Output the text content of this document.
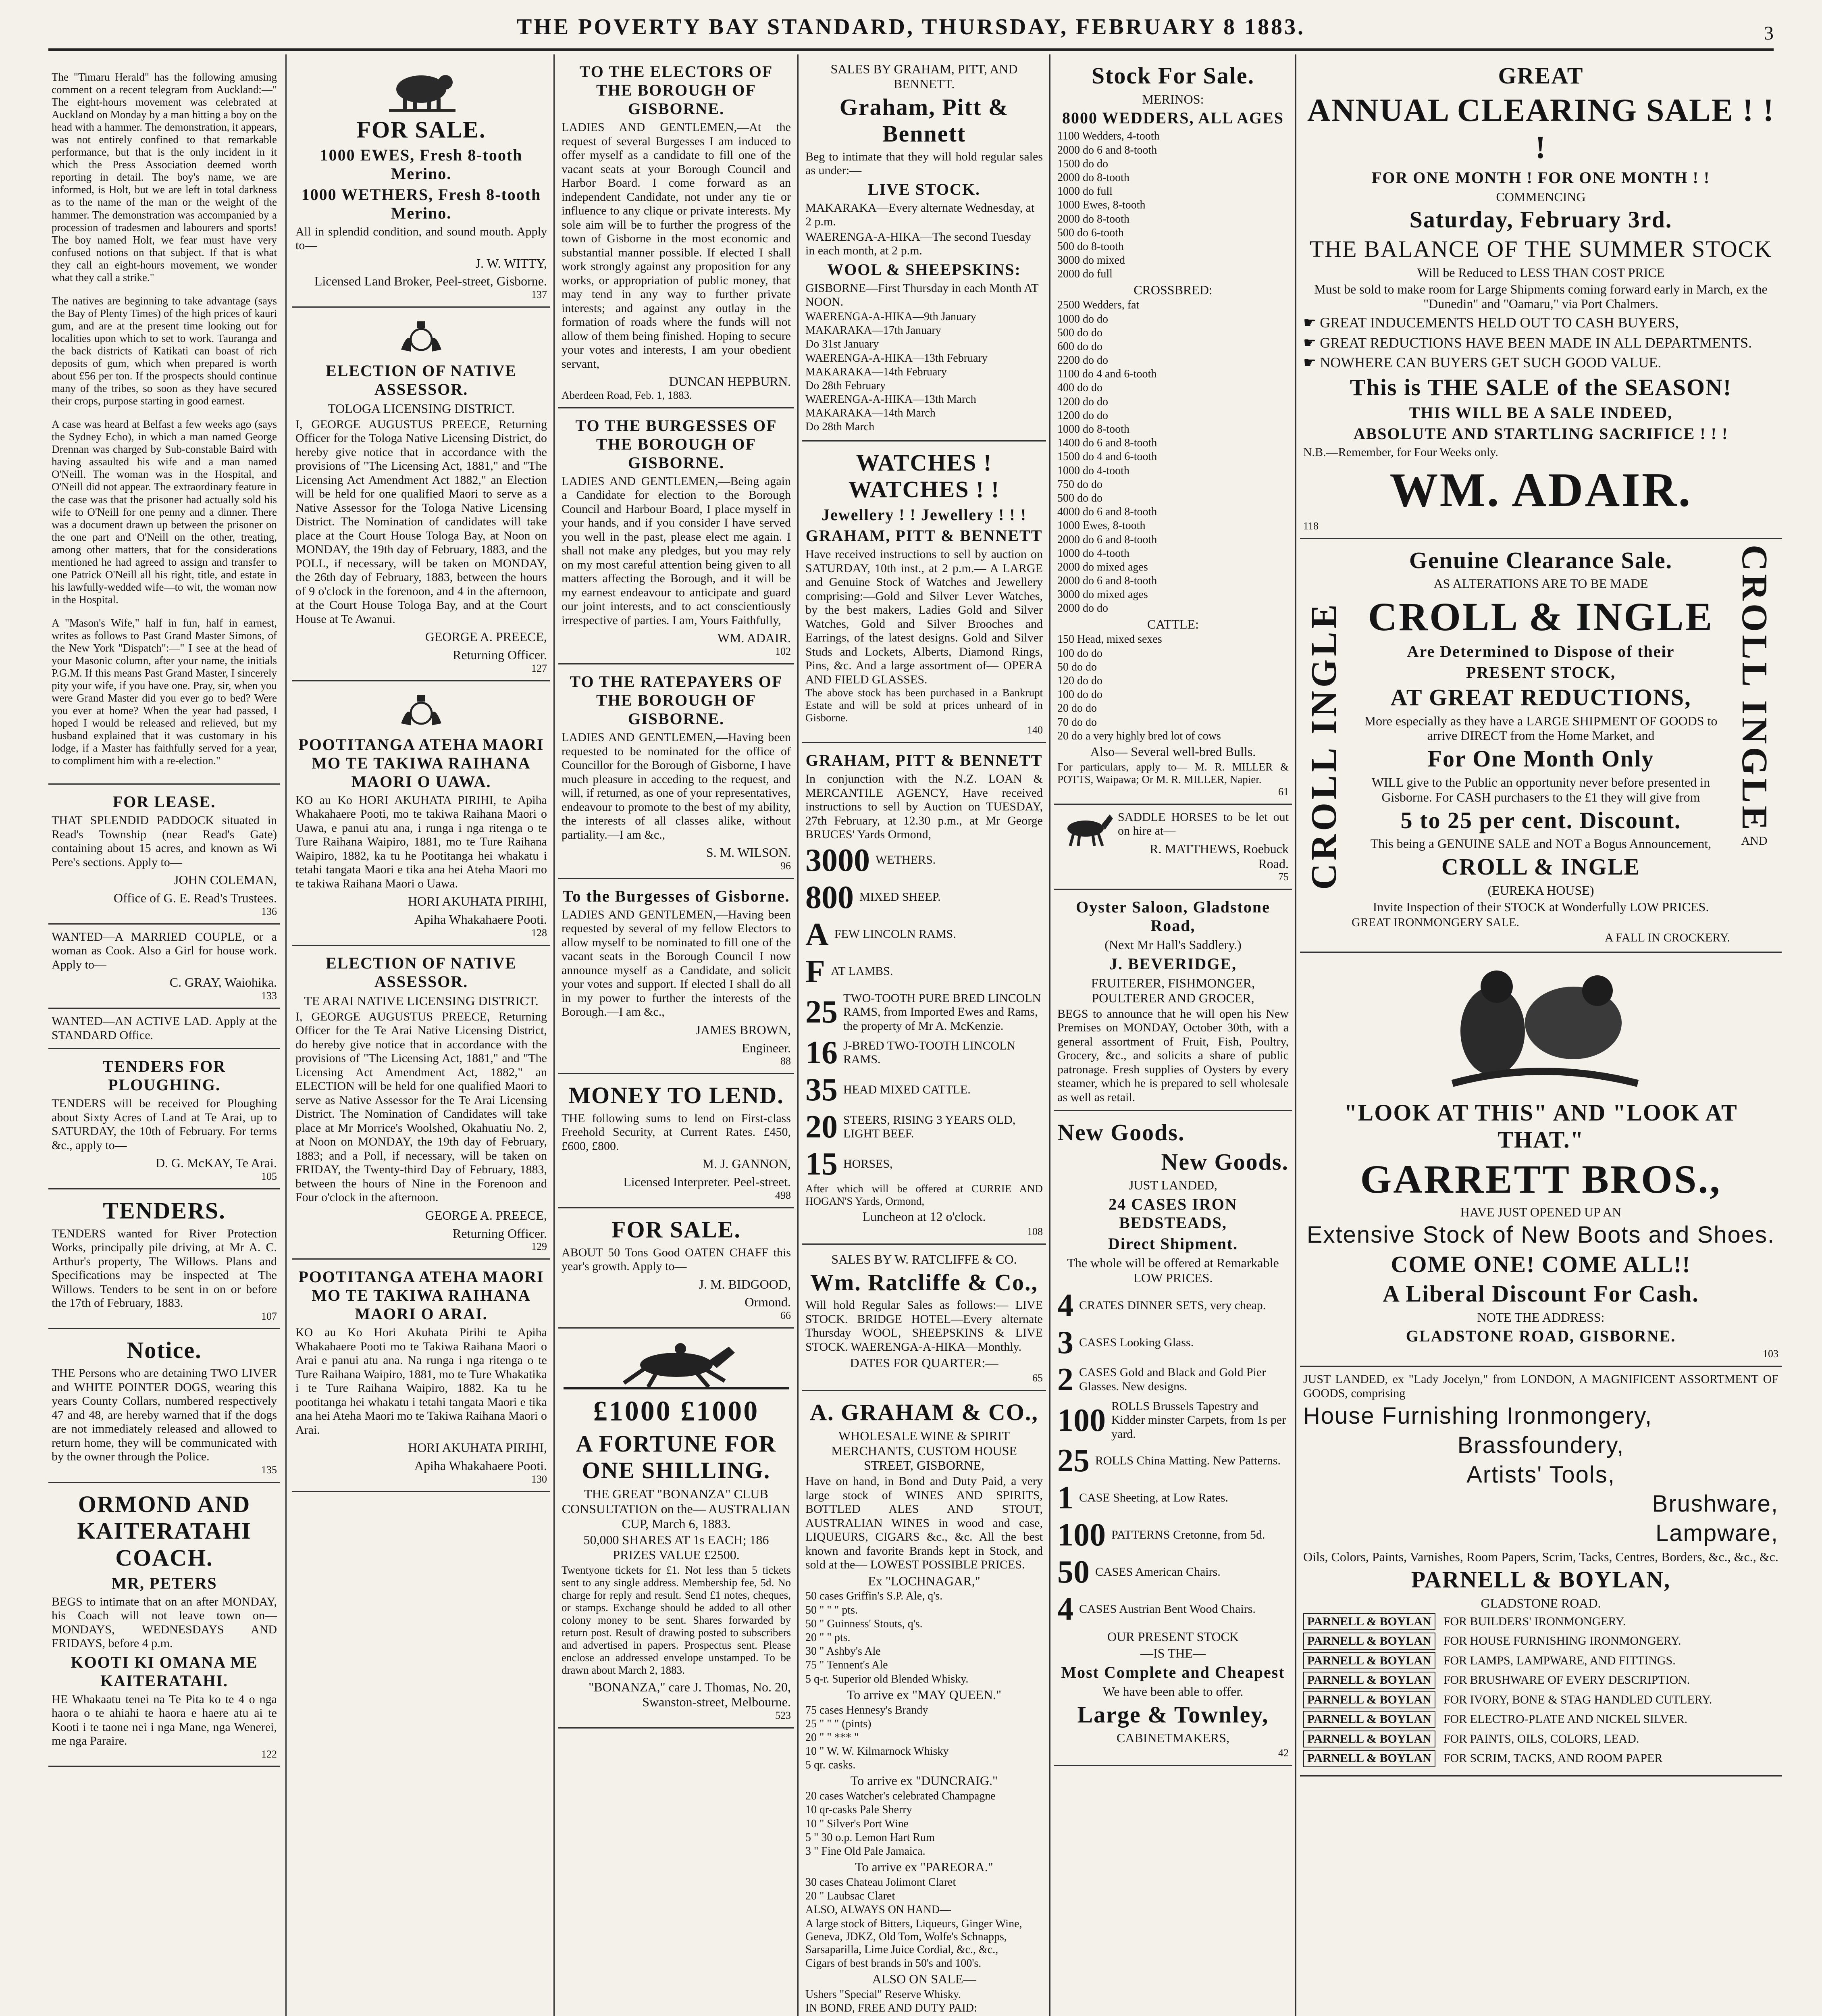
THE POVERTY BAY STANDARD, THURSDAY, FEBRUARY 8 1883.	3

The "Timaru Herald" has the following amusing comment on a recent telegram from Auckland:—" The eight-hours movement was celebrated at Auckland on Monday by a man hitting a boy on the head with a hammer. The demonstration, it appears, was not entirely confined to that remarkable performance, but that is the only incident in it which the Press Association deemed worth reporting in detail. The boy's name, we are informed, is Holt, but we are left in total darkness as to the name of the man or the weight of the hammer. The demonstration was accompanied by a procession of tradesmen and labourers and sports! The boy named Holt, we fear must have very confused notions on that subject. If that is what they call an eight-hours movement, we wonder what they call a strike."

The natives are beginning to take advantage (says the Bay of Plenty Times) of the high prices of kauri gum, and are at the present time looking out for localities upon which to set to work. Tauranga and the back districts of Katikati can boast of rich deposits of gum, which when prepared is worth about £56 per ton. If the prospects should continue many of the tribes, so soon as they have secured their crops, purpose starting in good earnest.

A case was heard at Belfast a few weeks ago (says the Sydney Echo), in which a man named George Drennan was charged by Sub-constable Baird with having assaulted his wife and a man named O'Neill. The woman was in the Hospital, and O'Neill did not appear. The extraordinary feature in the case was that the prisoner had actually sold his wife to O'Neill for one penny and a dinner. There was a document drawn up between the prisoner on the one part and O'Neill on the other, treating, among other matters, that for the considerations mentioned he had agreed to assign and transfer to one Patrick O'Neill all his right, title, and estate in his lawfully-wedded wife—to wit, the woman now in the Hospital.

A "Mason's Wife," half in fun, half in earnest, writes as follows to Past Grand Master Simons, of the New York "Dispatch":—" I see at the head of your Masonic column, after your name, the initials P.G.M. If this means Past Grand Master, I sincerely pity your wife, if you have one. Pray, sir, when you were Grand Master did you ever go to bed? Were you ever at home? When the year had passed, I hoped I would be released and relieved, but my husband explained that it was customary in his lodge, if a Master has faithfully served for a year, to compliment him with a re-election."

FOR LEASE.
THAT SPLENDID PADDOCK situated in Read's Township (near Read's Gate) containing about 15 acres, and known as Wi Pere's sections. Apply to—
JOHN COLEMAN,
Office of G. E. Read's Trustees.
136
WANTED—A MARRIED COUPLE, or a woman as Cook. Also a Girl for house work. Apply to—
C. GRAY, Waiohika.
133
WANTED—AN ACTIVE LAD. Apply at the STANDARD Office.
TENDERS FOR PLOUGHING.
TENDERS will be received for Ploughing about Sixty Acres of Land at Te Arai, up to SATURDAY, the 10th of February. For terms &c., apply to—
D. G. McKAY, Te Arai.
105
TENDERS.
TENDERS wanted for River Protection Works, principally pile driving, at Mr A. C. Arthur's property, The Willows. Plans and Specifications may be inspected at The Willows. Tenders to be sent in on or before the 17th of February, 1883.
107
Notice.
THE Persons who are detaining TWO LIVER and WHITE POINTER DOGS, wearing this years County Collars, numbered respectively 47 and 48, are hereby warned that if the dogs are not immediately released and allowed to return home, they will be communicated with by the owner through the Police.
135
ORMOND AND KAITERATAHI COACH.
MR, PETERS
BEGS to intimate that on an after MONDAY, his Coach will not leave town on— MONDAYS, WEDNESDAYS AND FRIDAYS, before 4 p.m.
KOOTI KI OMANA ME KAITERATAHI.
HE Whakaatu tenei na Te Pita ko te 4 o nga haora o te ahiahi te haora e haere atu ai te Kooti i te taone nei i nga Mane, nga Wenerei, me nga Paraire.
122
FOR SALE.
1000 EWES, Fresh 8-tooth Merino.
1000 WETHERS, Fresh 8-tooth Merino.
All in splendid condition, and sound mouth. Apply to—
J. W. WITTY,
Licensed Land Broker, Peel-street, Gisborne.
137
ELECTION OF NATIVE ASSESSOR.
TOLOGA LICENSING DISTRICT.
I, GEORGE AUGUSTUS PREECE, Returning Officer for the Tologa Native Licensing District, do hereby give notice that in accordance with the provisions of "The Licensing Act, 1881," and "The Licensing Act Amendment Act 1882," an Election will be held for one qualified Maori to serve as a Native Assessor for the Tologa Native Licensing District. The Nomination of candidates will take place at the Court House Tologa Bay, at Noon on MONDAY, the 19th day of February, 1883, and the POLL, if necessary, will be taken on MONDAY, the 26th day of February, 1883, between the hours of 9 o'clock in the forenoon, and 4 in the afternoon, at the Court House Tologa Bay, and at the Court House at Te Awanui.
GEORGE A. PREECE,
Returning Officer.
127
POOTITANGA ATEHA MAORI MO TE TAKIWA RAIHANA MAORI O UAWA.
KO au Ko HORI AKUHATA PIRIHI, te Apiha Whakahaere Pooti, mo te takiwa Raihana Maori o Uawa, e panui atu ana, i runga i nga ritenga o te Ture Raihana Waipiro, 1881, mo te Ture Raihana Waipiro, 1882, ka tu he Pootitanga hei whakatu i tetahi tangata Maori e tika ana hei Ateha Maori mo te takiwa Raihana Maori o Uawa.
HORI AKUHATA PIRIHI,
Apiha Whakahaere Pooti.
128
ELECTION OF NATIVE ASSESSOR.
TE ARAI NATIVE LICENSING DISTRICT.
I, GEORGE AUGUSTUS PREECE, Returning Officer for the Te Arai Native Licensing District, do hereby give notice that in accordance with the provisions of "The Licensing Act, 1881," and "The Licensing Act Amendment Act, 1882," an ELECTION will be held for one qualified Maori to serve as Native Assessor for the Te Arai Licensing District. The Nomination of Candidates will take place at Mr Morrice's Woolshed, Okahuatiu No. 2, at Noon on MONDAY, the 19th day of February, 1883; and a Poll, if necessary, will be taken on FRIDAY, the Twenty-third Day of February, 1883, between the hours of Nine in the Forenoon and Four o'clock in the afternoon.
GEORGE A. PREECE,
Returning Officer.
129
POOTITANGA ATEHA MAORI MO TE TAKIWA RAIHANA MAORI O ARAI.
KO au Ko Hori Akuhata Pirihi te Apiha Whakahaere Pooti mo te Takiwa Raihana Maori o Arai e panui atu ana. Na runga i nga ritenga o te Ture Raihana Waipiro, 1881, mo te Ture Whakatika i te Ture Raihana Waipiro, 1882. Ka tu he pootitanga hei whakatu i tetahi tangata Maori e tika ana hei Ateha Maori mo te Takiwa Raihana Maori o Arai.
HORI AKUHATA PIRIHI,
Apiha Whakahaere Pooti.
130
TO THE ELECTORS OF THE BOROUGH OF GISBORNE.
LADIES AND GENTLEMEN,—At the request of several Burgesses I am induced to offer myself as a candidate to fill one of the vacant seats at your Borough Council and Harbor Board. I come forward as an independent Candidate, not under any tie or influence to any clique or private interests. My sole aim will be to further the progress of the town of Gisborne in the most economic and substantial manner possible. If elected I shall work strongly against any proposition for any works, or appropriation of public money, that may tend in any way to further private interests; and against any outlay in the formation of roads where the funds will not allow of them being finished. Hoping to secure your votes and interests, I am your obedient servant,
DUNCAN HEPBURN.
Aberdeen Road, Feb. 1, 1883.
TO THE BURGESSES OF THE BOROUGH OF GISBORNE.
LADIES AND GENTLEMEN,—Being again a Candidate for election to the Borough Council and Harbour Board, I place myself in your hands, and if you consider I have served you well in the past, please elect me again. I shall not make any pledges, but you may rely on my most careful attention being given to all matters affecting the Borough, and it will be my earnest endeavour to anticipate and guard our joint interests, and to act conscientiously irrespective of parties. I am, Yours Faithfully,
WM. ADAIR.
102
TO THE RATEPAYERS OF THE BOROUGH OF GISBORNE.
LADIES AND GENTLEMEN,—Having been requested to be nominated for the office of Councillor for the Borough of Gisborne, I have much pleasure in acceding to the request, and will, if returned, as one of your representatives, endeavour to promote to the best of my ability, the interests of all classes alike, without partiality.—I am &c.,
S. M. WILSON.
96
To the Burgesses of Gisborne.
LADIES AND GENTLEMEN,—Having been requested by several of my fellow Electors to allow myself to be nominated to fill one of the vacant seats in the Borough Council I now announce myself as a Candidate, and solicit your votes and support. If elected I shall do all in my power to further the interests of the Borough.—I am &c.,
JAMES BROWN,
Engineer.
88
MONEY TO LEND.
THE following sums to lend on First-class Freehold Security, at Current Rates. £450, £600, £800.
M. J. GANNON,
Licensed Interpreter. Peel-street.
498
FOR SALE.
ABOUT 50 Tons Good OATEN CHAFF this year's growth. Apply to—
J. M. BIDGOOD,
Ormond.
66
£1000 £1000
A FORTUNE FOR ONE SHILLING.
THE GREAT "BONANZA" CLUB CONSULTATION on the— AUSTRALIAN CUP, March 6, 1883.
50,000 SHARES AT 1s EACH; 186 PRIZES VALUE £2500.
Twentyone tickets for £1. Not less than 5 tickets sent to any single address. Membership fee, 5d. No charge for reply and result. Send £1 notes, cheques, or stamps. Exchange should be added to all other colony money to be sent. Shares forwarded by return post. Result of drawing posted to subscribers and advertised in papers. Prospectus sent. Please enclose an addressed envelope unstamped. To be drawn about March 2, 1883.
"BONANZA," care J. Thomas, No. 20, Swanston-street, Melbourne.
523
SALES BY GRAHAM, PITT, AND BENNETT.
Graham, Pitt & Bennett
Beg to intimate that they will hold regular sales as under:—
LIVE STOCK.
MAKARAKA—Every alternate Wednesday, at 2 p.m.
WAERENGA-A-HIKA—The second Tuesday in each month, at 2 p.m.
WOOL & SHEEPSKINS:
GISBORNE—First Thursday in each Month AT NOON.
WAERENGA-A-HIKA—9th January
MAKARAKA—17th January
Do 31st January
WAERENGA-A-HIKA—13th February
MAKARAKA—14th February
Do 28th February
WAERENGA-A-HIKA—13th March
MAKARAKA—14th March
Do 28th March
WATCHES ! WATCHES ! !
Jewellery ! ! Jewellery ! ! !
GRAHAM, PITT & BENNETT
Have received instructions to sell by auction on SATURDAY, 10th inst., at 2 p.m.— A LARGE and Genuine Stock of Watches and Jewellery comprising:—Gold and Silver Lever Watches, by the best makers, Ladies Gold and Silver Watches, Gold and Silver Brooches and Earrings, of the latest designs. Gold and Silver Studs and Lockets, Alberts, Diamond Rings, Pins, &c. And a large assortment of— OPERA AND FIELD GLASSES.
The above stock has been purchased in a Bankrupt Estate and will be sold at prices unheard of in Gisborne.
140
GRAHAM, PITT & BENNETT
In conjunction with the N.Z. LOAN & MERCANTILE AGENCY, Have received instructions to sell by Auction on TUESDAY, 27th February, at 12.30 p.m., at Mr George BRUCES' Yards Ormond,
3000 WETHERS.
800 MIXED SHEEP.
A FEW LINCOLN RAMS.
F AT LAMBS.
25 TWO-TOOTH PURE BRED LINCOLN RAMS, from Imported Ewes and Rams, the property of Mr A. McKenzie.
16 J-BRED TWO-TOOTH LINCOLN RAMS.
35 HEAD MIXED CATTLE.
20 STEERS, RISING 3 YEARS OLD, LIGHT BEEF.
15 HORSES,
After which will be offered at CURRIE AND HOGAN'S Yards, Ormond,
Luncheon at 12 o'clock.
108
SALES BY W. RATCLIFFE & CO.
Wm. Ratcliffe & Co.,
Will hold Regular Sales as follows:— LIVE STOCK. BRIDGE HOTEL—Every alternate Thursday WOOL, SHEEPSKINS & LIVE STOCK. WAERENGA-A-HIKA—Monthly.
DATES FOR QUARTER:—
65
A. GRAHAM & CO.,
WHOLESALE WINE & SPIRIT MERCHANTS, CUSTOM HOUSE STREET, GISBORNE,
Have on hand, in Bond and Duty Paid, a very large stock of WINES AND SPIRITS, BOTTLED ALES AND STOUT, AUSTRALIAN WINES in wood and case, LIQUEURS, CIGARS &c., &c. All the best known and favorite Brands kept in Stock, and sold at the— LOWEST POSSIBLE PRICES.
Ex "LOCHNAGAR,"
50 cases Griffin's S.P. Ale, q's.
50 " " " pts.
50 " Guinness' Stouts, q's.
20 " " pts.
30 " Ashby's Ale
75 " Tennent's Ale
5 q-r. Superior old Blended Whisky.
To arrive ex "MAY QUEEN."
75 cases Hennesy's Brandy
25 " " " (pints)
20 " " *** "
10 " W. W. Kilmarnock Whisky
5 qr. casks.
To arrive ex "DUNCRAIG."
20 cases Watcher's celebrated Champagne
10 qr-casks Pale Sherry
10 " Silver's Port Wine
5 " 30 o.p. Lemon Hart Rum
3 " Fine Old Pale Jamaica.
To arrive ex "PAREORA."
30 cases Chateau Jolimont Claret
20 " Laubsac Claret
ALSO, ALWAYS ON HAND—
A large stock of Bitters, Liqueurs, Ginger Wine, Geneva, JDKZ, Old Tom, Wolfe's Schnapps, Sarsaparilla, Lime Juice Cordial, &c., &c.,
Cigars of best brands in 50's and 100's.
ALSO ON SALE—
Ushers "Special" Reserve Whisky.
IN BOND, FREE AND DUTY PAID:
Stock For Sale.
MERINOS:
8000 WEDDERS, ALL AGES
1100 Wedders, 4-tooth
2000 do 6 and 8-tooth
1500 do do
2000 do 8-tooth
1000 do full
1000 Ewes, 8-tooth
2000 do 8-tooth
500 do 6-tooth
500 do 8-tooth
3000 do mixed
2000 do full
CROSSBRED:
2500 Wedders, fat
1000 do do
500 do do
600 do do
2200 do do
1100 do 4 and 6-tooth
400 do do
1200 do do
1200 do do
1000 do 8-tooth
1400 do 6 and 8-tooth
1500 do 4 and 6-tooth
1000 do 4-tooth
750 do do
500 do do
4000 do 6 and 8-tooth
1000 Ewes, 8-tooth
2000 do 6 and 8-tooth
1000 do 4-tooth
2000 do mixed ages
2000 do 6 and 8-tooth
3000 do mixed ages
2000 do do
CATTLE:
150 Head, mixed sexes
100 do do
50 do do
120 do do
100 do do
20 do do
70 do do
20 do a very highly bred lot of cows
Also— Several well-bred Bulls.
For particulars, apply to— M. R. MILLER & POTTS, Waipawa; Or M. R. MILLER, Napier.
61
SADDLE HORSES to be let out on hire at—
R. MATTHEWS, Roebuck Road.
75
Oyster Saloon, Gladstone Road,
(Next Mr Hall's Saddlery.)
J. BEVERIDGE,
FRUITERER, FISHMONGER, POULTERER AND GROCER,
BEGS to announce that he will open his New Premises on MONDAY, October 30th, with a general assortment of Fruit, Fish, Poultry, Grocery, &c., and solicits a share of public patronage. Fresh supplies of Oysters by every steamer, which he is prepared to sell wholesale as well as retail.
New Goods.
New Goods.
JUST LANDED,
24 CASES IRON BEDSTEADS,
Direct Shipment.
The whole will be offered at Remarkable LOW PRICES.
4 CRATES DINNER SETS, very cheap.
3 CASES Looking Glass.
2 CASES Gold and Black and Gold Pier Glasses. New designs.
100 ROLLS Brussels Tapestry and Kidder minster Carpets, from 1s per yard.
25 ROLLS China Matting. New Patterns.
1 CASE Sheeting, at Low Rates.
100 PATTERNS Cretonne, from 5d.
50 CASES American Chairs.
4 CASES Austrian Bent Wood Chairs.
OUR PRESENT STOCK
—IS THE—
Most Complete and Cheapest
We have been able to offer.
Large & Townley,
CABINETMAKERS,
42
GREAT
ANNUAL CLEARING SALE ! ! !
FOR ONE MONTH ! FOR ONE MONTH ! !
COMMENCING
Saturday, February 3rd.
THE BALANCE OF THE SUMMER STOCK
Will be Reduced to LESS THAN COST PRICE
Must be sold to make room for Large Shipments coming forward early in March, ex the "Dunedin" and "Oamaru," via Port Chalmers.
☛ GREAT INDUCEMENTS HELD OUT TO CASH BUYERS,
☛ GREAT REDUCTIONS HAVE BEEN MADE IN ALL DEPARTMENTS.
☛ NOWHERE CAN BUYERS GET SUCH GOOD VALUE.
This is THE SALE of the SEASON!
THIS WILL BE A SALE INDEED,
ABSOLUTE AND STARTLING SACRIFICE ! ! !
N.B.—Remember, for Four Weeks only.
WM. ADAIR.
118
CROLL INGLE
Genuine Clearance Sale.
AS ALTERATIONS ARE TO BE MADE
CROLL & INGLE
Are Determined to Dispose of their
PRESENT STOCK,
AT GREAT REDUCTIONS,
More especially as they have a LARGE SHIPMENT OF GOODS to arrive DIRECT from the Home Market, and
For One Month Only
WILL give to the Public an opportunity never before presented in Gisborne. For CASH purchasers to the £1 they will give from
5 to 25 per cent. Discount.
This being a GENUINE SALE and NOT a Bogus Announcement,
CROLL & INGLE
(EUREKA HOUSE)
Invite Inspection of their STOCK at Wonderfully LOW PRICES.
GREAT IRONMONGERY SALE.
A FALL IN CROCKERY.
CROLL INGLE
AND
"LOOK AT THIS" AND "LOOK AT THAT."
GARRETT BROS.,
HAVE JUST OPENED UP AN
Extensive Stock of New Boots and Shoes.
COME ONE! COME ALL!!
A Liberal Discount For Cash.
NOTE THE ADDRESS:
GLADSTONE ROAD, GISBORNE.
103
JUST LANDED, ex "Lady Jocelyn," from LONDON, A MAGNIFICENT ASSORTMENT OF GOODS, comprising
House Furnishing Ironmongery,
Brassfoundery,
Artists' Tools,
Brushware,
Lampware,
Oils, Colors, Paints, Varnishes, Room Papers, Scrim, Tacks, Centres, Borders, &c., &c., &c.
PARNELL & BOYLAN,
GLADSTONE ROAD.
PARNELL & BOYLAN	FOR BUILDERS' IRONMONGERY.
PARNELL & BOYLAN	FOR HOUSE FURNISHING IRONMONGERY.
PARNELL & BOYLAN	FOR LAMPS, LAMPWARE, AND FITTINGS.
PARNELL & BOYLAN	FOR BRUSHWARE OF EVERY DESCRIPTION.
PARNELL & BOYLAN	FOR IVORY, BONE & STAG HANDLED CUTLERY.
PARNELL & BOYLAN	FOR ELECTRO-PLATE AND NICKEL SILVER.
PARNELL & BOYLAN	FOR PAINTS, OILS, COLORS, LEAD.
PARNELL & BOYLAN	FOR SCRIM, TACKS, AND ROOM PAPER
